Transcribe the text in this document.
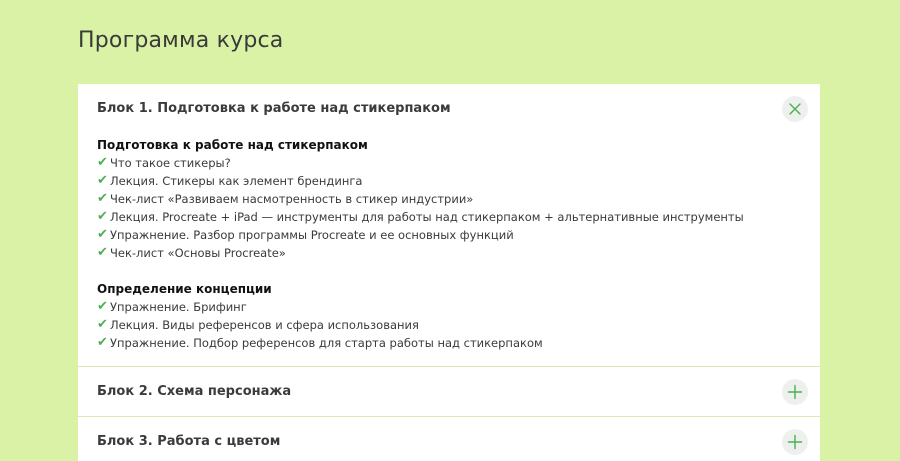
Программа курса
Блок 1. Подготовка к работе над стикерпаком
Подготовка к работе над стикерпаком
✔ Что такое стикеры?
✔ Лекция. Стикеры как элемент брендинга
✔ Чек-лист «Развиваем насмотренность в стикер индустрии»
✔ Лекция. Procreate + iPad — инструменты для работы над стикерпаком + альтернативные инструменты
✔ Упражнение. Разбор программы Procreate и ее основных функций
✔ Чек-лист «Основы Procreate»
Определение концепции
✔ Упражнение. Брифинг
✔ Лекция. Виды референсов и сфера использования
✔ Упражнение. Подбор референсов для старта работы над стикерпаком
Блок 2. Схема персонажа
Блок 3. Работа с цветом
